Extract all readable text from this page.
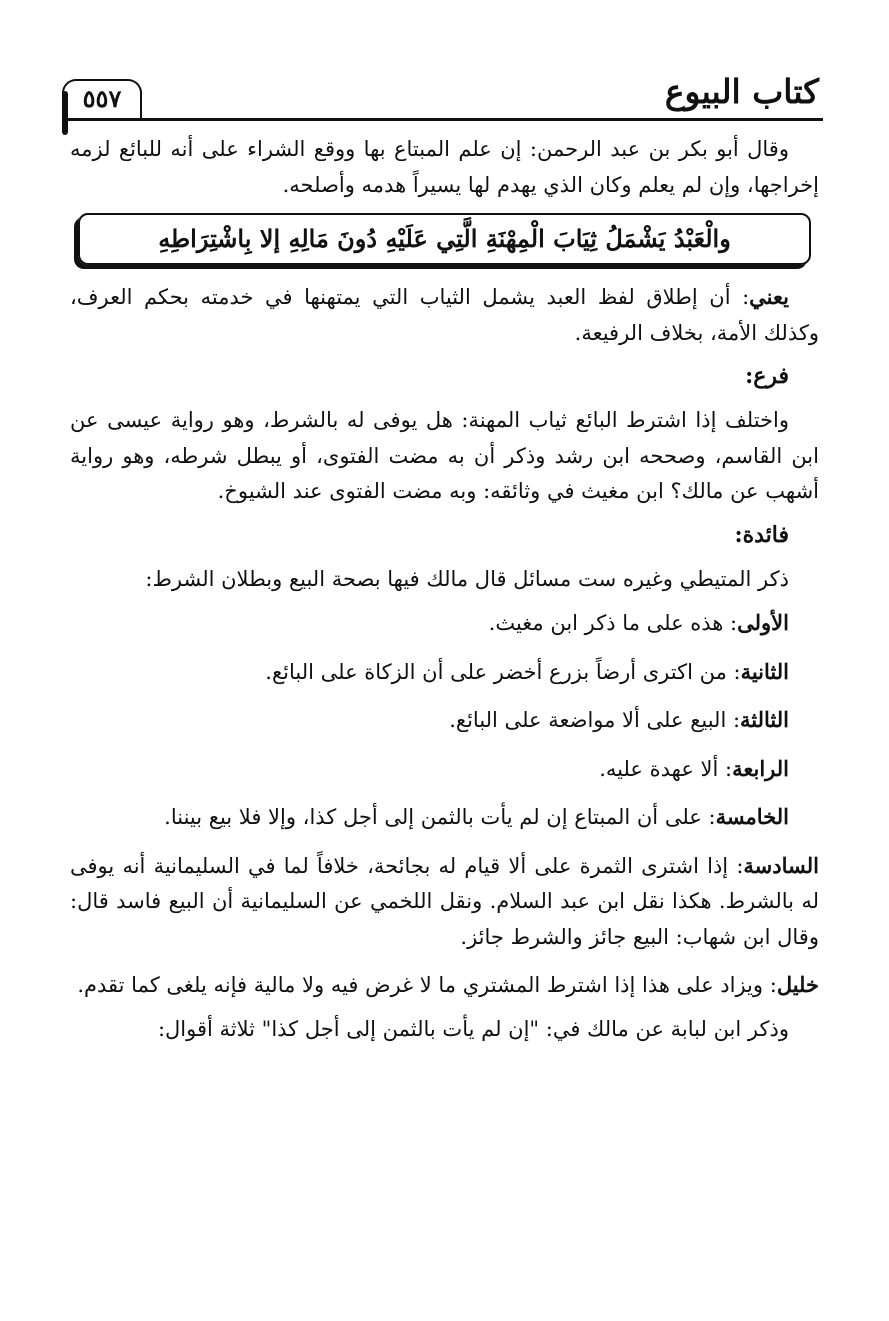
كتاب البيوع
٥٥٧

وقال أبو بكر بن عبد الرحمن: إن علم المبتاع بها ووقع الشراء على أنه للبائع لزمه إخراجها، وإن لم يعلم وكان الذي يهدم لها يسيراً هدمه وأصلحه.

والْعَبْدُ يَشْمَلُ ثِيَابَ الْمِهْنَةِ الَّتِي عَلَيْهِ دُونَ مَالِهِ إلا بِاشْتِرَاطِهِ

يعني: أن إطلاق لفظ العبد يشمل الثياب التي يمتهنها في خدمته بحكم العرف، وكذلك الأمة، بخلاف الرفيعة.

فرع:

واختلف إذا اشترط البائع ثياب المهنة: هل يوفى له بالشرط، وهو رواية عيسى عن ابن القاسم، وصححه ابن رشد وذكر أن به مضت الفتوى، أو يبطل شرطه، وهو رواية أشهب عن مالك؟ ابن مغيث في وثائقه: وبه مضت الفتوى عند الشيوخ.

فائدة:

ذكر المتيطي وغيره ست مسائل قال مالك فيها بصحة البيع وبطلان الشرط:

الأولى: هذه على ما ذكر ابن مغيث.

الثانية: من اكترى أرضاً بزرع أخضر على أن الزكاة على البائع.

الثالثة: البيع على ألا مواضعة على البائع.

الرابعة: ألا عهدة عليه.

الخامسة: على أن المبتاع إن لم يأت بالثمن إلى أجل كذا، وإلا فلا بيع بيننا.

السادسة: إذا اشترى الثمرة على ألا قيام له بجائحة، خلافاً لما في السليمانية أنه يوفى له بالشرط. هكذا نقل ابن عبد السلام. ونقل اللخمي عن السليمانية أن البيع فاسد قال: وقال ابن شهاب: البيع جائز والشرط جائز.

خليل: ويزاد على هذا إذا اشترط المشتري ما لا غرض فيه ولا مالية فإنه يلغى كما تقدم.

وذكر ابن لبابة عن مالك في: "إن لم يأت بالثمن إلى أجل كذا" ثلاثة أقوال:
